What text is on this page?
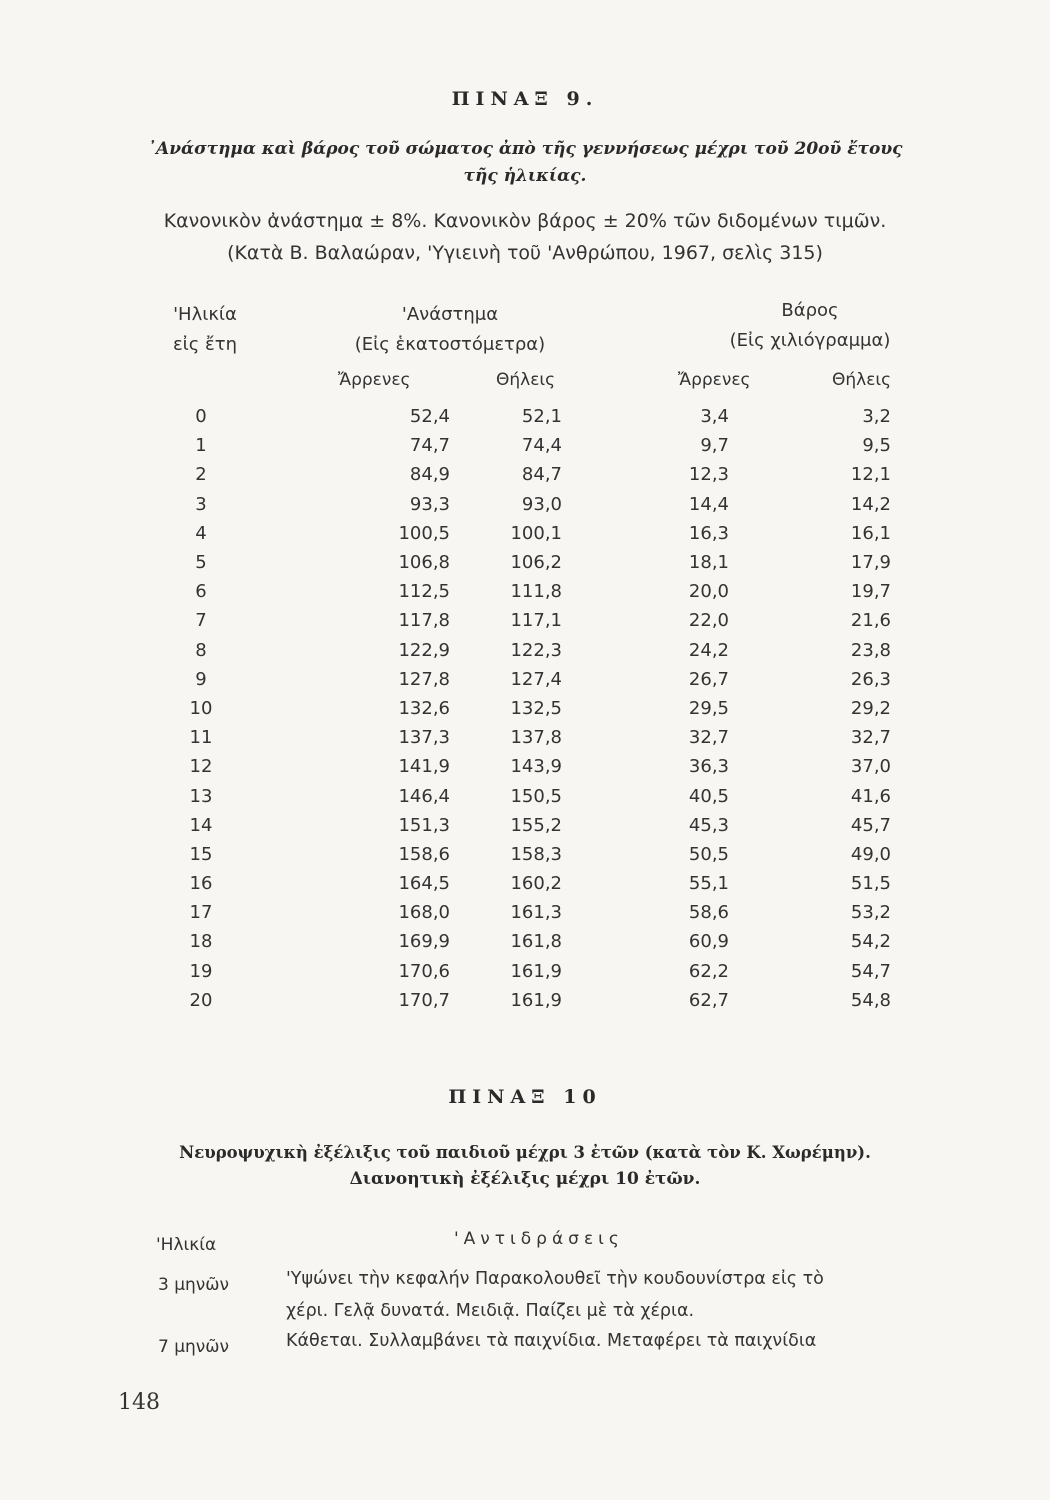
ΠΙΝΑΞ 9.
᾿Ανάστημα καὶ βάρος τοῦ σώματος ἀπὸ τῆς γεννήσεως μέχρι τοῦ 20οῦ ἔτους
τῆς ἡλικίας.
Κανονικὸν ἀνάστημα ± 8%. Κανονικὸν βάρος ± 20% τῶν διδομένων τιμῶν.
(Κατὰ Β. Βαλαώραν, 'Υγιεινὴ τοῦ 'Ανθρώπου, 1967, σελὶς 315)
'Ηλικία
εἰς ἔτη
'Ανάστημα
(Εἰς ἑκατοστόμετρα)
Βάρος
(Εἰς χιλιόγραμμα)
Ἄρρενες	Θήλεις	Ἄρρενες	Θήλεις
0	52,4	52,1	3,4	3,2
1	74,7	74,4	9,7	9,5
2	84,9	84,7	12,3	12,1
3	93,3	93,0	14,4	14,2
4	100,5	100,1	16,3	16,1
5	106,8	106,2	18,1	17,9
6	112,5	111,8	20,0	19,7
7	117,8	117,1	22,0	21,6
8	122,9	122,3	24,2	23,8
9	127,8	127,4	26,7	26,3
10	132,6	132,5	29,5	29,2
11	137,3	137,8	32,7	32,7
12	141,9	143,9	36,3	37,0
13	146,4	150,5	40,5	41,6
14	151,3	155,2	45,3	45,7
15	158,6	158,3	50,5	49,0
16	164,5	160,2	55,1	51,5
17	168,0	161,3	58,6	53,2
18	169,9	161,8	60,9	54,2
19	170,6	161,9	62,2	54,7
20	170,7	161,9	62,7	54,8
ΠΙΝΑΞ 10
Νευροψυχικὴ ἐξέλιξις τοῦ παιδιοῦ μέχρι 3 ἐτῶν (κατὰ τὸν Κ. Χωρέμην).
Διανοητικὴ ἐξέλιξις μέχρι 10 ἐτῶν.
'Ηλικία	'Αντιδράσεις
3 μηνῶν	'Υψώνει τὴν κεφαλήν Παρακολουθεῖ τὴν κουδουνίστρα εἰς τὸ
χέρι. Γελᾷ δυνατά. Μειδιᾷ. Παίζει μὲ τὰ χέρια.
7 μηνῶν	Κάθεται. Συλλαμβάνει τὰ παιχνίδια. Μεταφέρει τὰ παιχνίδια
148
